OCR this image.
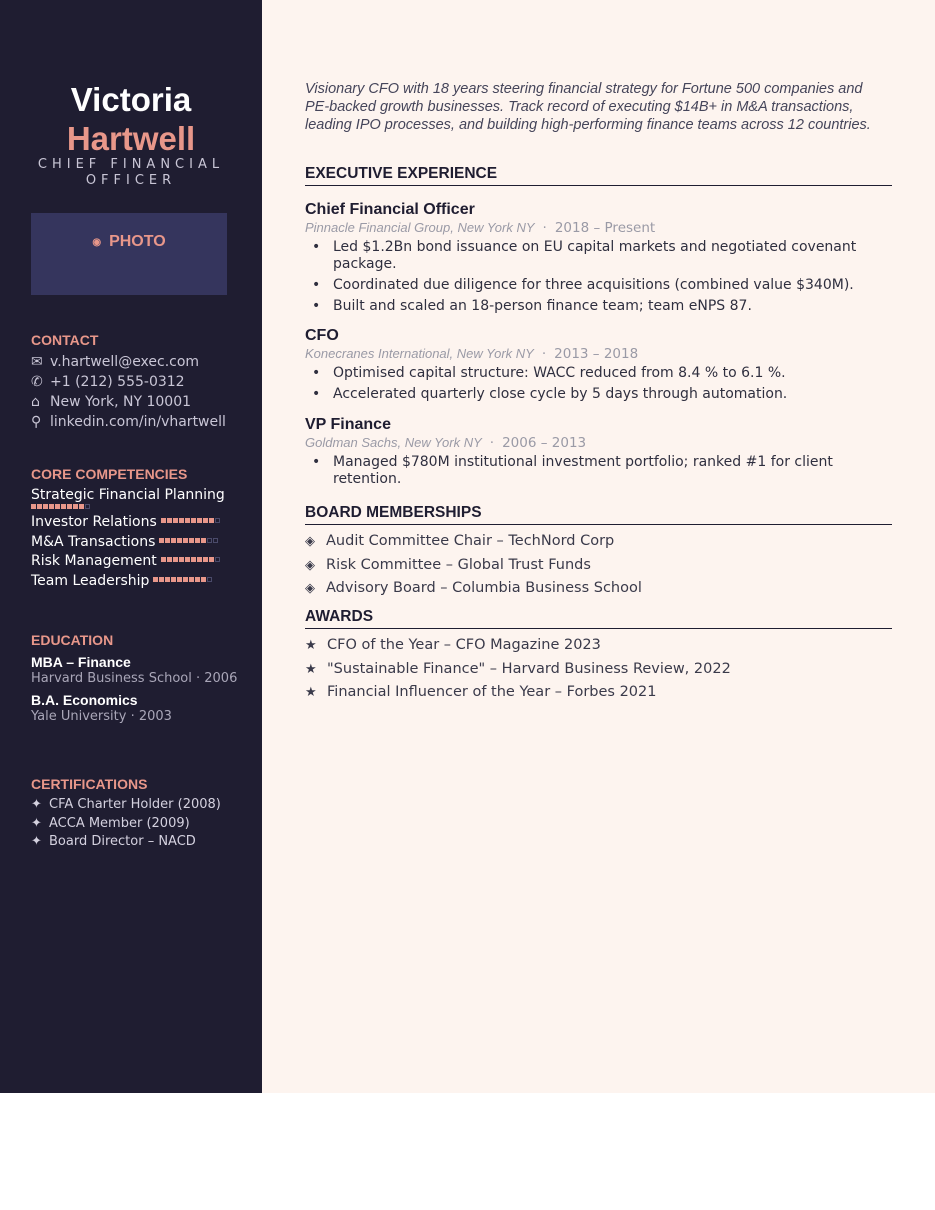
Victoria
Hartwell
CHIEF FINANCIAL OFFICER
◉ PHOTO
CONTACT
✉ v.hartwell@exec.com
✆ +1 (212) 555-0312
⌂ New York, NY 10001
⚲ linkedin.com/in/vhartwell
CORE COMPETENCIES
Strategic Financial Planning
Investor Relations
M&A Transactions
Risk Management
Team Leadership
EDUCATION
MBA – Finance
Harvard Business School · 2006
B.A. Economics
Yale University · 2003
CERTIFICATIONS
✦ CFA Charter Holder (2008)
✦ ACCA Member (2009)
✦ Board Director – NACD

Visionary CFO with 18 years steering financial strategy for Fortune 500 companies and PE-backed growth businesses. Track record of executing $14B+ in M&A transactions, leading IPO processes, and building high-performing finance teams across 12 countries.

EXECUTIVE EXPERIENCE
Chief Financial Officer
Pinnacle Financial Group, New York NY · 2018 – Present
• Led $1.2Bn bond issuance on EU capital markets and negotiated covenant package.
• Coordinated due diligence for three acquisitions (combined value $340M).
• Built and scaled an 18-person finance team; team eNPS 87.
CFO
Konecranes International, New York NY · 2013 – 2018
• Optimised capital structure: WACC reduced from 8.4 % to 6.1 %.
• Accelerated quarterly close cycle by 5 days through automation.
VP Finance
Goldman Sachs, New York NY · 2006 – 2013
• Managed $780M institutional investment portfolio; ranked #1 for client retention.
BOARD MEMBERSHIPS
◈ Audit Committee Chair – TechNord Corp
◈ Risk Committee – Global Trust Funds
◈ Advisory Board – Columbia Business School
AWARDS
★ CFO of the Year – CFO Magazine 2023
★ "Sustainable Finance" – Harvard Business Review, 2022
★ Financial Influencer of the Year – Forbes 2021
